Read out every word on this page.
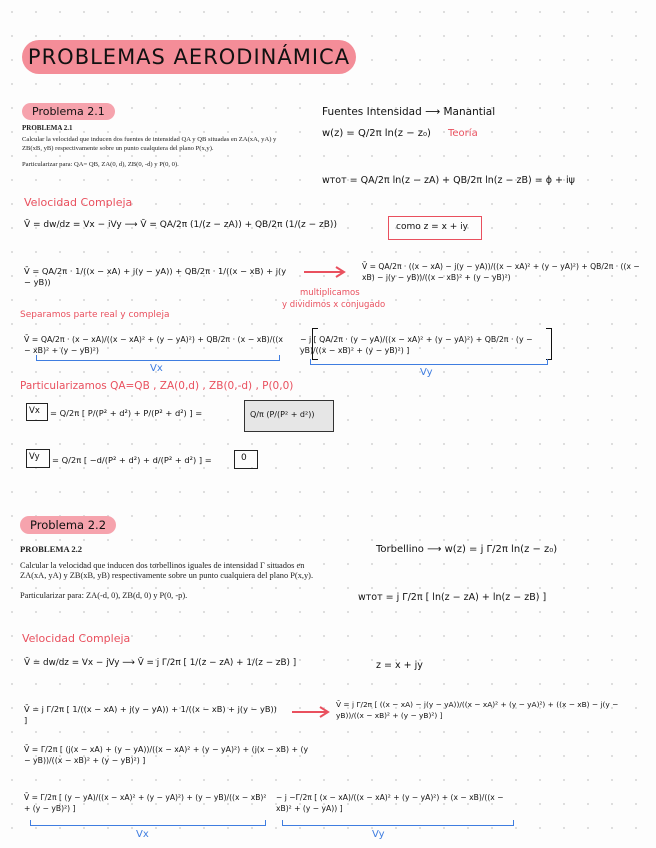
PROBLEMAS AERODINÁMICA
Problema 2.1
PROBLEMA 2.1
Calcular la velocidad que inducen dos fuentes de intensidad QA y QB situadas en ZA(xA, yA) y ZB(xB, yB) respectivamente sobre un punto cualquiera del plano P(x,y).
Particularizar para: QA= QB, ZA(0, d), ZB(0, -d) y P(0, 0).
Fuentes Intensidad ⟶ Manantial
w(z) = Q/2π ln(z − z₀) Teoría
wᴛᴏᴛ = QA/2π ln(z − zA) + QB/2π ln(z − zB) = ϕ + iψ
Velocidad Compleja
V̄ = dw/dz = Vx − iVy ⟶ V̄ = QA/2π (1/(z − zA)) + QB/2π (1/(z − zB))	como z = x + iy
V̄ = QA/2π · 1/((x − xA) + j(y − yA)) + QB/2π · 1/((x − xB) + j(y − yB))
multiplicamos
y dividimos x conjugado
V̄ = QA/2π · ((x − xA) − j(y − yA))/((x − xA)² + (y − yA)²) + QB/2π · ((x − xB) − j(y − yB))/((x − xB)² + (y − yB)²)
Separamos parte real y compleja
V̄ = QA/2π · (x − xA)/((x − xA)² + (y − yA)²) + QB/2π · (x − xB)/((x − xB)² + (y − yB)²)
− j [ QA/2π · (y − yA)/((x − xA)² + (y − yA)²) + QB/2π · (y − yB)/((x − xB)² + (y − yB)²) ]
Vx	Vy
Particularizamos QA=QB , ZA(0,d) , ZB(0,-d) , P(0,0)
Vx = Q/2π [ P/(P² + d²) + P/(P² + d²) ] =	Q/π (P/(P² + d²))
Vy = Q/2π [ −d/(P² + d²) + d/(P² + d²) ] =	0
Problema 2.2
PROBLEMA 2.2
Calcular la velocidad que inducen dos torbellinos iguales de intensidad Γ situados en ZA(xA, yA) y ZB(xB, yB) respectivamente sobre un punto cualquiera del plano P(x,y).
Particularizar para: ZA(-d, 0), ZB(d, 0) y P(0, -p).
Torbellino ⟶ w(z) = j Γ/2π ln(z − z₀)
wᴛᴏᴛ = j Γ/2π [ ln(z − zA) + ln(z − zB) ]
Velocidad Compleja
V̄ = dw/dz = Vx − jVy ⟶ V̄ = j Γ/2π [ 1/(z − zA) + 1/(z − zB) ]	z = x + jy
V̄ = j Γ/2π [ 1/((x − xA) + j(y − yA)) + 1/((x − xB) + j(y − yB)) ]
V̄ = j Γ/2π [ ((x − xA) − j(y − yA))/((x − xA)² + (y − yA)²) + ((x − xB) − j(y − yB))/((x − xB)² + (y − yB)²) ]
V̄ = Γ/2π [ (j(x − xA) + (y − yA))/((x − xA)² + (y − yA)²) + (j(x − xB) + (y − yB))/((x − xB)² + (y − yB)²) ]
V̄ = Γ/2π [ (y − yA)/((x − xA)² + (y − yA)²) + (y − yB)/((x − xB)² + (y − yB)²) ]
− j −Γ/2π [ (x − xA)/((x − xA)² + (y − yA)²) + (x − xB)/((x − xB)² + (y − yA)) ]
Vx	Vy
